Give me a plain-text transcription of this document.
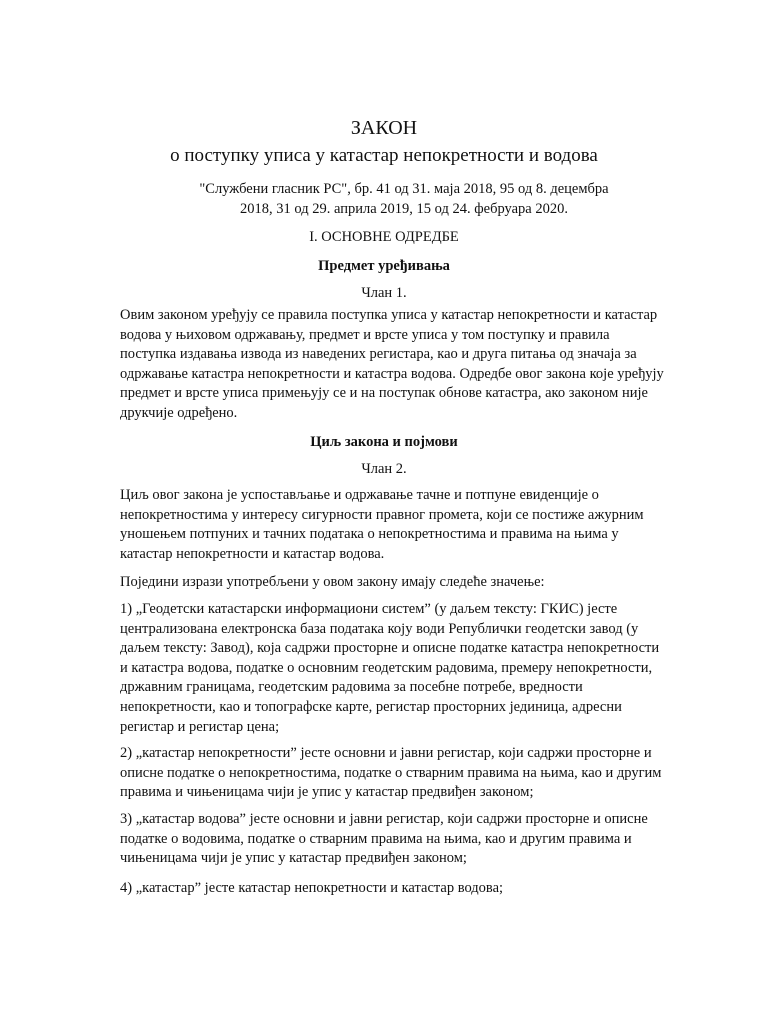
ЗАКОН
о поступку уписа у катастар непокретности и водова
"Службени гласник РС", бр. 41 од 31. маја 2018, 95 од 8. децембра 2018, 31 од 29. априла 2019, 15 од 24. фебруара 2020.
I. ОСНОВНЕ ОДРЕДБЕ
Предмет уређивања
Члан 1.

Овим законом уређују се правила поступка уписа у катастар непокретности и катастар водова у њиховом одржавању, предмет и врсте уписа у том поступку и правила поступка издавања извода из наведених регистара, као и друга питања од значаја за одржавање катастра непокретности и катастра водова. Одредбе овог закона које уређују предмет и врсте уписа примењују се и на поступак обнове катастра, ако законом није друкчије одређено.

Циљ закона и појмови
Члан 2.

Циљ овог закона је успостављање и одржавање тачне и потпуне евиденције о непокретностима у интересу сигурности правног промета, који се постиже ажурним уношењем потпуних и тачних података о непокретностима и правима на њима у катастар непокретности и катастар водова.

Поједини изрази употребљени у овом закону имају следеће значење:

1) „Геодетски катастарски информациони систем” (у даљем тексту: ГКИС) јесте централизована електронска база података коју води Републички геодетски завод (у даљем тексту: Завод), која садржи просторне и описне податке катастра непокретности и катастра водова, податке о основним геодетским радовима, премеру непокретности, државним границама, геодетским радовима за посебне потребе, вредности непокретности, као и топографске карте, регистар просторних јединица, адресни регистар и регистар цена;

2) „катастар непокретности” јесте основни и јавни регистар, који садржи просторне и описне податке о непокретностима, податке о стварним правима на њима, као и другим правима и чињеницама чији је упис у катастар предвиђен законом;

3) „катастар водова” јесте основни и јавни регистар, који садржи просторне и описне податке о водовима, податке о стварним правима на њима, као и другим правима и чињеницама чији је упис у катастар предвиђен законом;

4) „катастар” јесте катастар непокретности и катастар водова;
